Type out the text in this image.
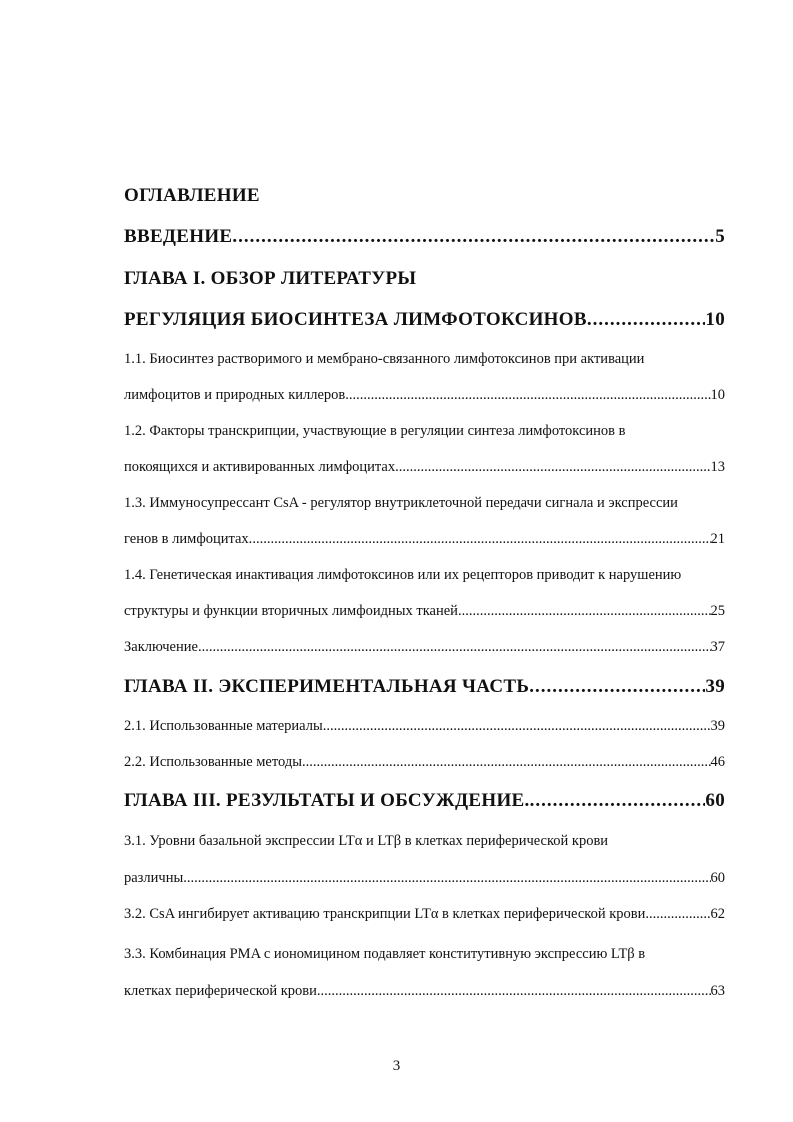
ОГЛАВЛЕНИЕ
ВВЕДЕНИЕ .....	5
ГЛАВА I. ОБЗОР ЛИТЕРАТУРЫ
РЕГУЛЯЦИЯ БИОСИНТЕЗА ЛИМФОТОКСИНОВ .....	10
1.1. Биосинтез растворимого и мембрано-связанного лимфотоксинов при активации
лимфоцитов и природных киллеров .....	10
1.2. Факторы транскрипции, участвующие в регуляции синтеза лимфотоксинов в
покоящихся и активированных лимфоцитах. .....	13
1.3. Иммуносупрессант CsA - регулятор внутриклеточной передачи сигнала и экспрессии
генов в лимфоцитах. .....	21
1.4. Генетическая инактивация лимфотоксинов или их рецепторов приводит к нарушению
структуры и функции вторичных лимфоидных тканей. .....	25
Заключение .....	37
ГЛАВА II. ЭКСПЕРИМЕНТАЛЬНАЯ ЧАСТЬ .....	39
2.1. Использованные материалы. .....	39
2.2. Использованные методы. .....	46
ГЛАВА III. РЕЗУЛЬТАТЫ И ОБСУЖДЕНИЕ. .....	60
3.1. Уровни базальной экспрессии LTα и LTβ в клетках периферической крови
различны .....	60
3.2. CsA ингибирует активацию транскрипции LTα в клетках периферической крови .....	62
3.3. Комбинация PMA с иономицином подавляет конститутивную экспрессию LTβ в
клетках периферической крови .....	63
3
